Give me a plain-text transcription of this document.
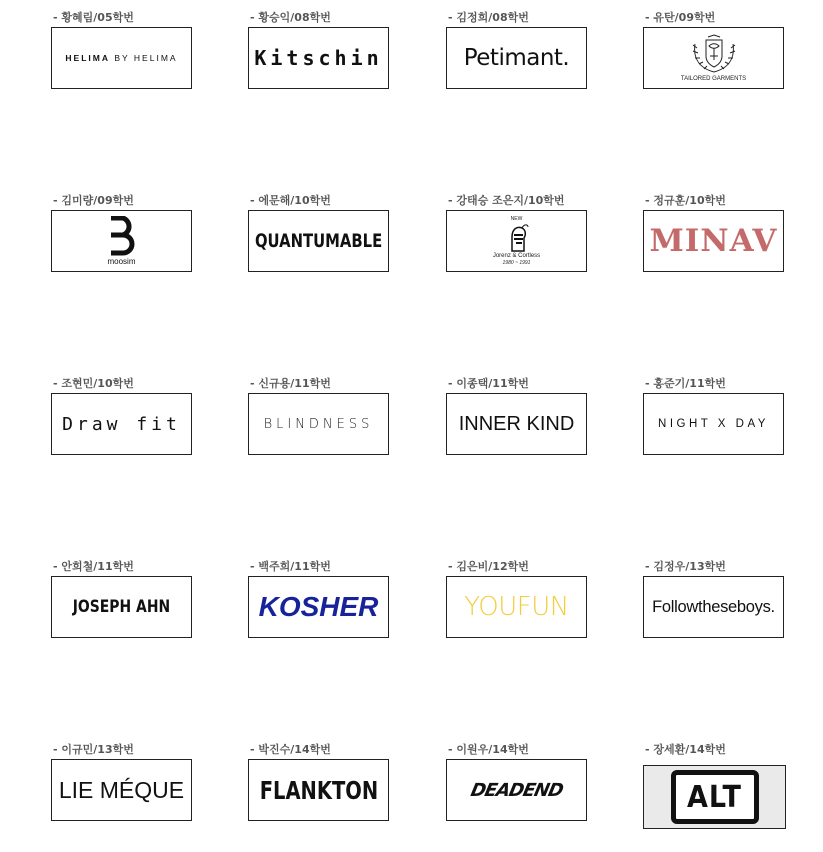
- 황혜림/05학번
HELIMA BY HELIMA
- 황승익/08학번
Kitschin
- 김정희/08학번
Petimant.
- 유탄/09학번
TAILORED GARMENTS
- 김미량/09학번
moosim
- 에문해/10학번
QUANTUMABLE
- 강태승 조은지/10학번
NEW
Jorenz & Cortless
1980 ~ 1991
- 정규훈/10학번
MINAV
- 조현민/10학번
Draw fit
- 신규용/11학번
BLINDNESS
- 이종택/11학번
INNER KIND
- 홍준기/11학번
NIGHT X DAY
- 안희철/11학번
JOSEPH AHN
- 백주희/11학번
KOSHER
- 김은비/12학번
YOUFUN
- 김정우/13학번
Followtheseboys.
- 이규민/13학번
LIE MÉQUE
- 박진수/14학번
FLANKTON
- 이원우/14학번
DEADEND
- 장세환/14학번
ALT
